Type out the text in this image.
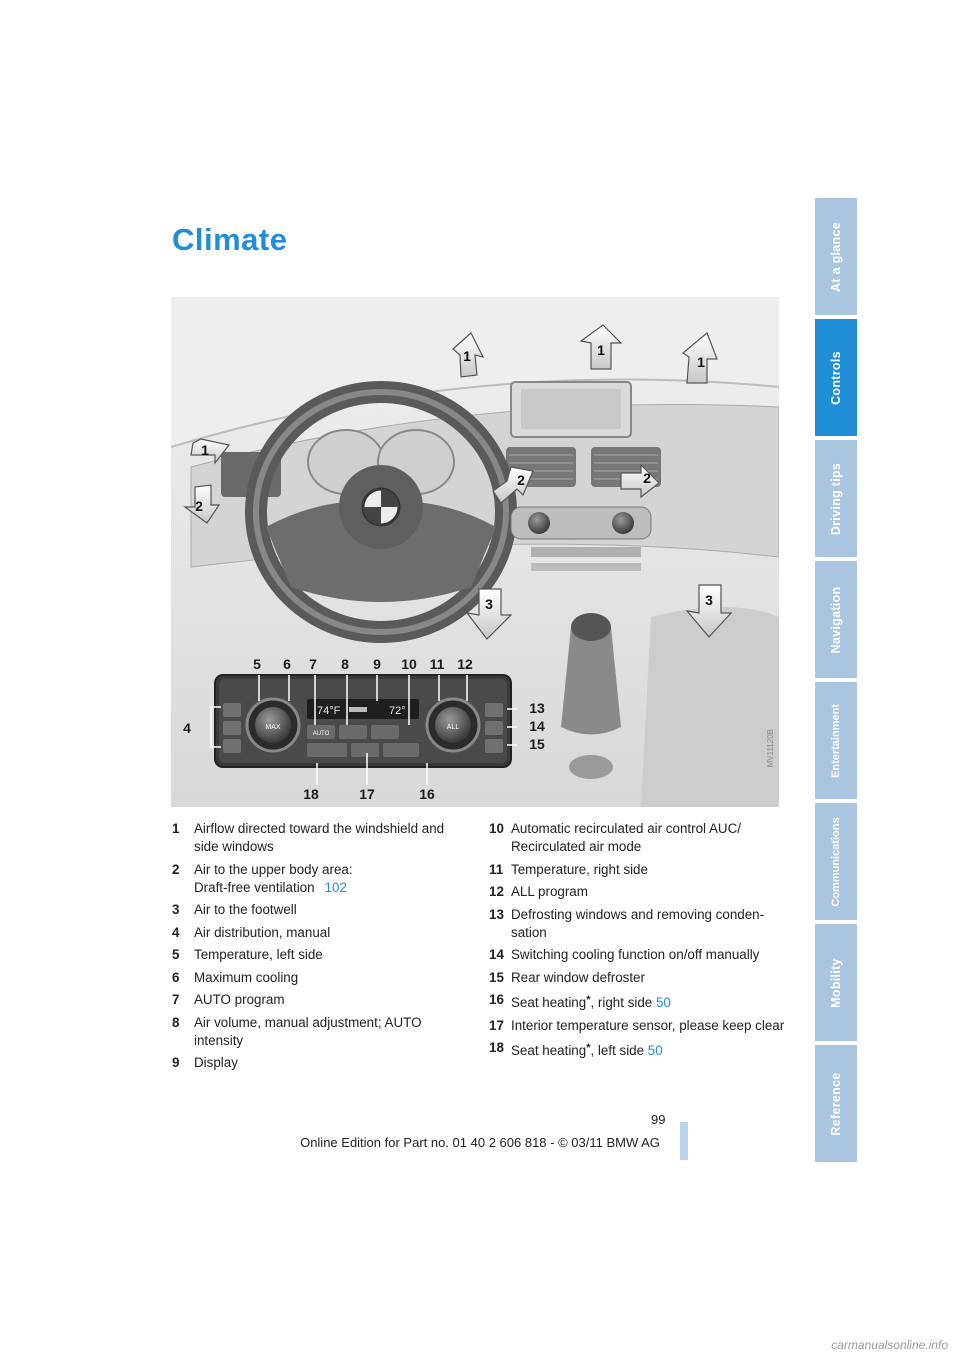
Climate
1	1
1
1
2
2	2
3	3
MAX
74°F	72°
AUTO
ALL
5 6 7 8 9 10 11 12
4
13
14
15
18	17	16
MV11120B
1 Airflow directed toward the windshield and side windows
2 Air to the upper body area:
Draft-free ventilation 102
3 Air to the footwell
4 Air distribution, manual
5 Temperature, left side
6 Maximum cooling
7 AUTO program
8 Air volume, manual adjustment; AUTO intensity
9 Display
10 Automatic recirculated air control AUC/ Recirculated air mode
11 Temperature, right side
12 ALL program
13 Defrosting windows and removing conden-sation
14 Switching cooling function on/off manually
15 Rear window defroster
16 Seat heating*, right side 50
17 Interior temperature sensor, please keep clear
18 Seat heating*, left side 50
At a glance
Controls
Driving tips
Navigation
Entertainment
Communications
Mobility
Reference
99
Online Edition for Part no. 01 40 2 606 818 - © 03/11 BMW AG
carmanualsonline.info
